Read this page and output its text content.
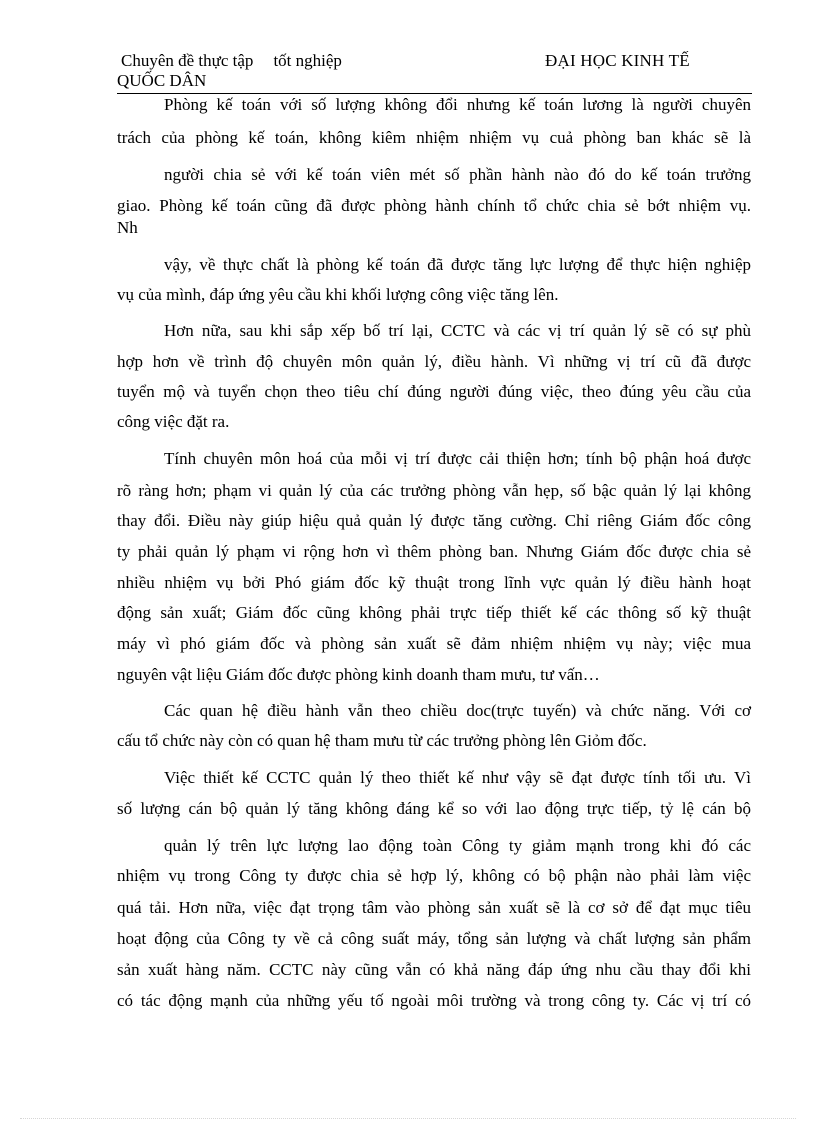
Chuyên đề thực tập tốt nghiệp	ĐẠI HỌC KINH TẾ
QUỐC DÂN
Phòng kế toán với số lượng không đổi nhưng kế toán lương là người chuyên
trách của phòng kế toán, không kiêm nhiệm nhiệm vụ cuả phòng ban khác sẽ là
người chia sẻ với kế toán viên mét số phần hành nào đó do kế toán trưởng
giao. Phòng kế toán cũng đã được phòng hành chính tổ chức chia sẻ bớt nhiệm vụ.
Nh
vậy, về thực chất là phòng kế toán đã được tăng lực lượng để thực hiện nghiệp
vụ của mình, đáp ứng yêu cầu khi khối lượng công việc tăng lên.
Hơn nữa, sau khi sắp xếp bố trí lại, CCTC và các vị trí quản lý sẽ có sự phù
hợp hơn về trình độ chuyên môn quản lý, điều hành. Vì những vị trí cũ đã được
tuyển mộ và tuyển chọn theo tiêu chí đúng người đúng việc, theo đúng yêu cầu của
công việc đặt ra.
Tính chuyên môn hoá của mỗi vị trí được cải thiện hơn; tính bộ phận hoá được
rõ ràng hơn; phạm vi quản lý của các trưởng phòng vẫn hẹp, số bậc quản lý lại không
thay đổi. Điều này giúp hiệu quả quản lý được tăng cường. Chỉ riêng Giám đốc công
ty phải quản lý phạm vi rộng hơn vì thêm phòng ban. Nhưng Giám đốc được chia sẻ
nhiều nhiệm vụ bởi Phó giám đốc kỹ thuật trong lĩnh vực quản lý điều hành hoạt
động sản xuất; Giám đốc cũng không phải trực tiếp thiết kế các thông số kỹ thuật
máy vì phó giám đốc và phòng sản xuất sẽ đảm nhiệm nhiệm vụ này; việc mua
nguyên vật liệu Giám đốc được phòng kinh doanh tham mưu, tư vấn…
Các quan hệ điều hành vẫn theo chiều doc(trực tuyến) và chức năng. Với cơ
cấu tổ chức này còn có quan hệ tham mưu từ các trưởng phòng lên Giỏm đốc.
Việc thiết kế CCTC quản lý theo thiết kế như vậy sẽ đạt được tính tối ưu. Vì
số lượng cán bộ quản lý tăng không đáng kể so với lao động trực tiếp, tỷ lệ cán bộ
quản lý trên lực lượng lao động toàn Công ty giảm mạnh trong khi đó các
nhiệm vụ trong Công ty được chia sẻ hợp lý, không có bộ phận nào phải làm việc
quá tải. Hơn nữa, việc đạt trọng tâm vào phòng sản xuất sẽ là cơ sở để đạt mục tiêu
hoạt động của Công ty về cả công suất máy, tổng sản lượng và chất lượng sản phẩm
sản xuất hàng năm. CCTC này cũng vẫn có khả năng đáp ứng nhu cầu thay đổi khi
có tác động mạnh của những yếu tố ngoài môi trường và trong công ty. Các vị trí có
